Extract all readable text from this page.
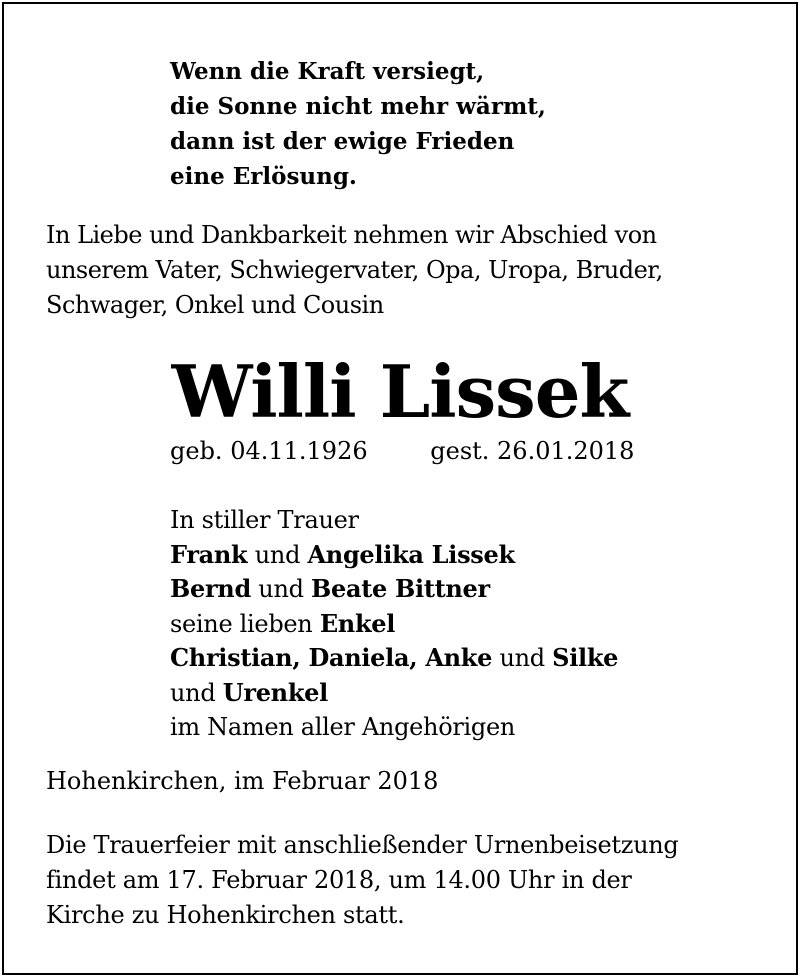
Wenn die Kraft versiegt,
die Sonne nicht mehr wärmt,
dann ist der ewige Frieden
eine Erlösung.
In Liebe und Dankbarkeit nehmen wir Abschied von
unserem Vater, Schwiegervater, Opa, Uropa, Bruder,
Schwager, Onkel und Cousin
Willi Lissek
geb. 04.11.1926	gest. 26.01.2018
In stiller Trauer
Frank und Angelika Lissek
Bernd und Beate Bittner
seine lieben Enkel
Christian, Daniela, Anke und Silke
und Urenkel
im Namen aller Angehörigen
Hohenkirchen, im Februar 2018
Die Trauerfeier mit anschließender Urnenbeisetzung
findet am 17. Februar 2018, um 14.00 Uhr in der
Kirche zu Hohenkirchen statt.
